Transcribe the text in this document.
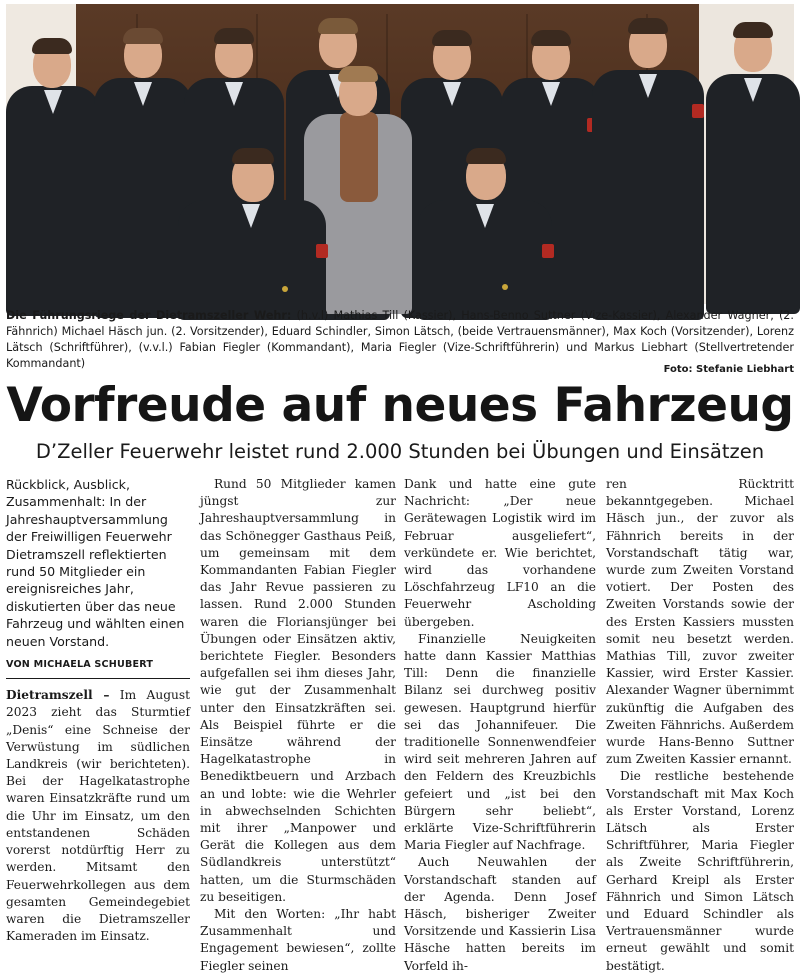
Die Führungsriege der Dietramszeller Wehr: (h.v.l) Mathias Till (Kassier), Hans-Benno Suttner (Vize-Kassier), Alexander Wagner, (2. Fähnrich) Michael Häsch jun. (2. Vorsitzender), Eduard Schindler, Simon Lätsch, (beide Vertrauensmänner), Max Koch (Vorsitzender), Lorenz Lätsch (Schriftführer), (v.v.l.) Fabian Fiegler (Kommandant), Maria Fiegler (Vize-Schriftführerin) und Markus Liebhart (Stellvertretender Kommandant)	Foto: Stefanie Liebhart
Vorfreude auf neues Fahrzeug
D’Zeller Feuerwehr leistet rund 2.000 Stunden bei Übungen und Einsätzen
Rückblick, Ausblick, Zusammenhalt: In der Jahreshauptversammlung der Freiwilligen Feuerwehr Dietramszell reflektierten rund 50 Mitglieder ein ereignisreiches Jahr, diskutierten über das neue Fahrzeug und wählten einen neuen Vorstand.
VON MICHAELA SCHUBERT

Dietramszell – Im August 2023 zieht das Sturmtief „Denis“ eine Schneise der Verwüstung im südlichen Landkreis (wir berichteten). Bei der Hagelkatastrophe waren Einsatzkräfte rund um die Uhr im Einsatz, um den entstandenen Schäden vorerst notdürftig Herr zu werden. Mitsamt den Feuerwehrkollegen aus dem gesamten Gemeindegebiet waren die Dietramszeller Kameraden im Einsatz.

Rund 50 Mitglieder kamen jüngst zur Jahreshauptversammlung in das Schönegger Gasthaus Peiß, um gemeinsam mit dem Kommandanten Fabian Fiegler das Jahr Revue passieren zu lassen. Rund 2.000 Stunden waren die Floriansjünger bei Übungen oder Einsätzen aktiv, berichtete Fiegler. Besonders aufgefallen sei ihm dieses Jahr, wie gut der Zusammenhalt unter den Einsatzkräften sei. Als Beispiel führte er die Einsätze während der Hagelkatastrophe in Benediktbeuern und Arzbach an und lobte: wie die Wehrler in abwechselnden Schichten mit ihrer „Manpower und Gerät die Kollegen aus dem Südlandkreis unterstützt“ hatten, um die Sturmschäden zu beseitigen.

Mit den Worten: „Ihr habt Zusammenhalt und Engagement bewiesen“, zollte Fiegler seinen

Dank und hatte eine gute Nachricht: „Der neue Gerätewagen Logistik wird im Februar ausgeliefert“, verkündete er. Wie berichtet, wird das vorhandene Löschfahrzeug LF10 an die Feuerwehr Ascholding übergeben.

Finanzielle Neuigkeiten hatte dann Kassier Matthias Till: Denn die finanzielle Bilanz sei durchweg positiv gewesen. Hauptgrund hierfür sei das Johannifeuer. Die traditionelle Sonnenwendfeier wird seit mehreren Jahren auf den Feldern des Kreuzbichls gefeiert und „ist bei den Bürgern sehr beliebt“, erklärte Vize-Schriftführerin Maria Fiegler auf Nachfrage.

Auch Neuwahlen der Vorstandschaft standen auf der Agenda. Denn Josef Häsch, bisheriger Zweiter Vorsitzende und Kassierin Lisa Häsche hatten bereits im Vorfeld ih-

ren Rücktritt bekanntgegeben. Michael Häsch jun., der zuvor als Fähnrich bereits in der Vorstandschaft tätig war, wurde zum Zweiten Vorstand votiert. Der Posten des Zweiten Vorstands sowie der des Ersten Kassiers mussten somit neu besetzt werden. Mathias Till, zuvor zweiter Kassier, wird Erster Kassier. Alexander Wagner übernimmt zukünftig die Aufgaben des Zweiten Fähnrichs. Außerdem wurde Hans-Benno Suttner zum Zweiten Kassier ernannt.

Die restliche bestehende Vorstandschaft mit Max Koch als Erster Vorstand, Lorenz Lätsch als Erster Schriftführer, Maria Fiegler als Zweite Schriftführerin, Gerhard Kreipl als Erster Fähnrich und Simon Lätsch und Eduard Schindler als Vertrauensmänner wurde erneut gewählt und somit bestätigt.
